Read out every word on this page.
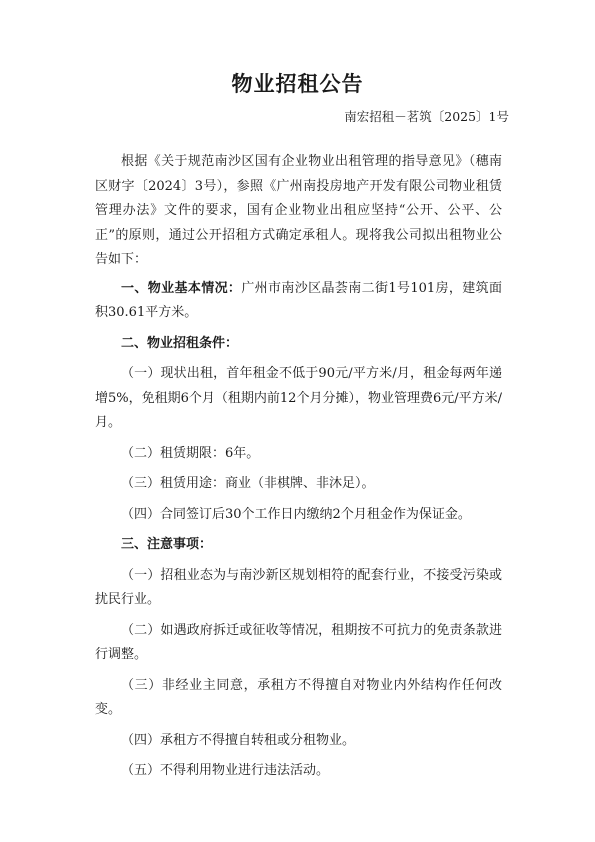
物业招租公告
南宏招租－茗筑〔2025〕1号

根据《关于规范南沙区国有企业物业出租管理的指导意见》（穗南区财字〔2024〕3号），参照《广州南投房地产开发有限公司物业租赁管理办法》文件的要求，国有企业物业出租应坚持“公开、公平、公正”的原则，通过公开招租方式确定承租人。现将我公司拟出租物业公告如下：

一、物业基本情况：广州市南沙区晶荟南二街1号101房，建筑面积30.61平方米。

二、物业招租条件：

（一）现状出租，首年租金不低于90元/平方米/月，租金每两年递增5%，免租期6个月（租期内前12个月分摊），物业管理费6元/平方米/月。

（二）租赁期限：6年。

（三）租赁用途：商业（非棋牌、非沐足）。

（四）合同签订后30个工作日内缴纳2个月租金作为保证金。

三、注意事项：

（一）招租业态为与南沙新区规划相符的配套行业，不接受污染或扰民行业。

（二）如遇政府拆迁或征收等情况，租期按不可抗力的免责条款进行调整。

（三）非经业主同意，承租方不得擅自对物业内外结构作任何改变。

（四）承租方不得擅自转租或分租物业。

（五）不得利用物业进行违法活动。
